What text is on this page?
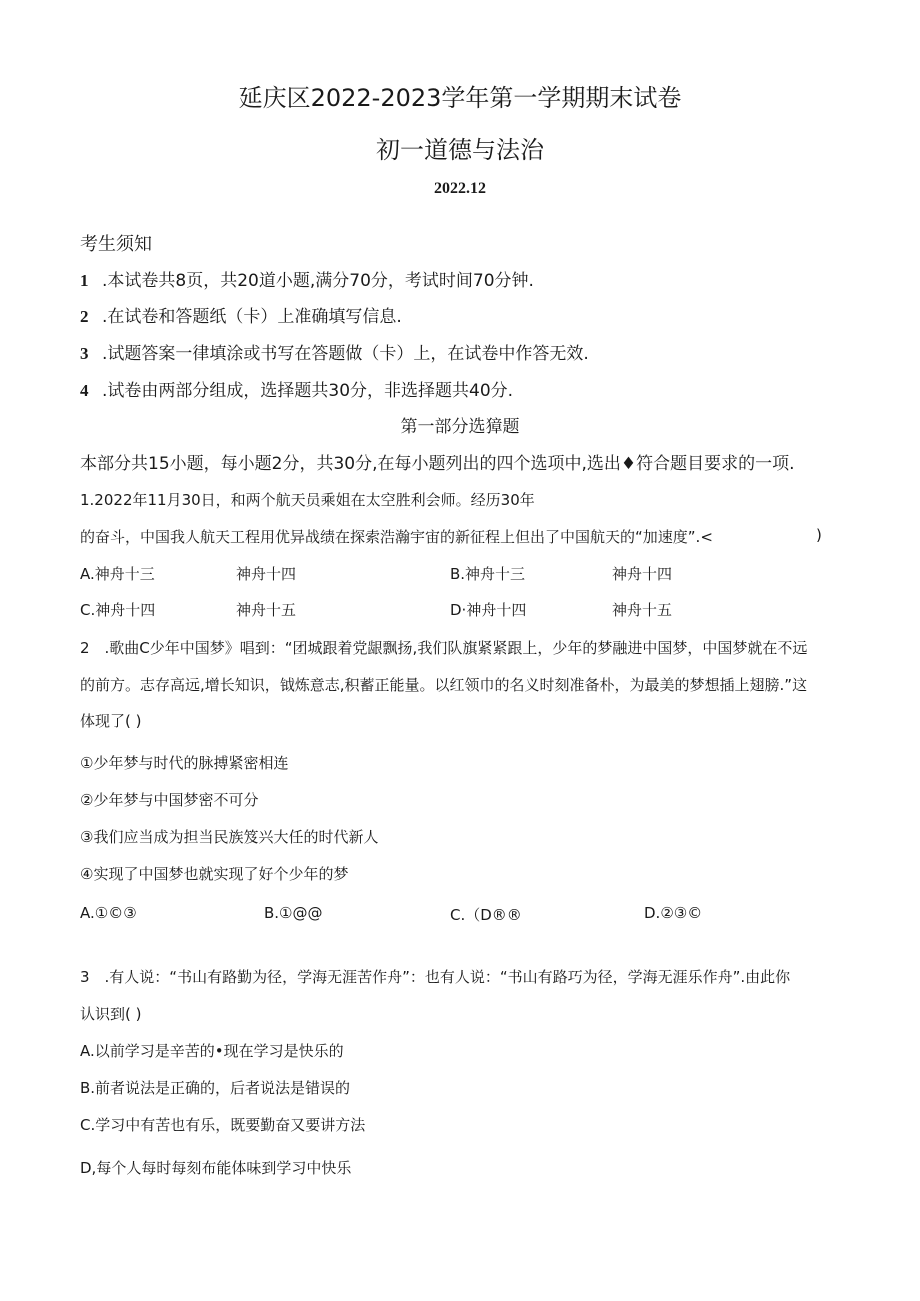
延庆区2022-2023学年第一学期期末试卷
初一道德与法治
2022.12
考生须知
1 .本试卷共8页，共20道小题,满分70分，考试时间70分钟.
2 .在试卷和答题纸（卡）上准确填写信息.
3 .试题答案一律填涂或书写在答题做（卡）上，在试卷中作答无效.
4 .试卷由两部分组成，选择题共30分，非选择题共40分.
第一部分选獐题
本部分共15小题，每小题2分，共30分,在每小题列出的四个选项中,选出♦符合题目要求的一项.
1.2022年11月30日，和两个航天员乘姐在太空胜利会师。经历30年
的奋斗，中国我人航天工程用优异战绩在探索浩瀚宇宙的新征程上但出了中国航天的“加速度”.<	)
A.神舟十三	神舟十四	B.神舟十三	神舟十四
C.神舟十四	神舟十五	D·神舟十四	神舟十五
2　.歌曲C少年中国梦》唱到：“团城跟着党龈飘扬,我们队旗紧紧跟上，少年的梦融进中国梦，中国梦就在不远
的前方。志存高远,增长知识，钺炼意志,积蓄正能量。以红领巾的名义时刻准备朴，为最美的梦想插上翅膀.”这
体现了( )
①少年梦与时代的脉搏紧密相连
②少年梦与中国梦密不可分
③我们应当成为担当民族笈兴大任的时代新人
④实现了中国梦也就实现了好个少年的梦
A.①©③	B.①@@	C.（D®®	D.②③©
3　.有人说：“书山有路勤为径，学海无涯苦作舟”：也有人说：“书山有路巧为径，学海无涯乐作舟”.由此你
认识到( )
A.以前学习是辛苦的•现在学习是快乐的
B.前者说法是正确的，后者说法是错误的
C.学习中有苦也有乐，既要勤奋又要讲方法
D,每个人每时每刻布能体味到学习中快乐
